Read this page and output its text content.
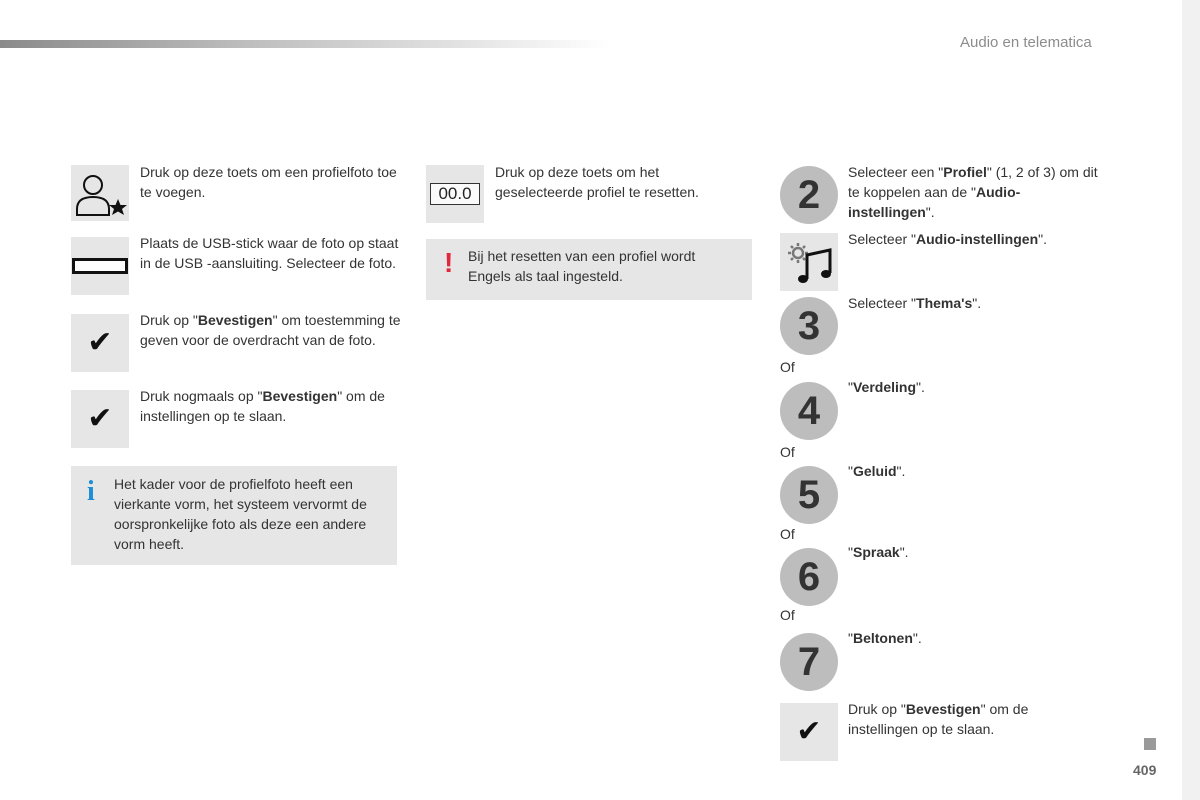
Audio en telematica
409
Druk op deze toets om een profielfoto toe te voegen.
Plaats de USB-stick waar de foto op staat in de USB -aansluiting. Selecteer de foto.
✔
Druk op "Bevestigen" om toestemming te geven voor de overdracht van de foto.
✔
Druk nogmaals op "Bevestigen" om de instellingen op te slaan.
i Het kader voor de profielfoto heeft een vierkante vorm, het systeem vervormt de oorspronkelijke foto als deze een andere vorm heeft.
00.0
Druk op deze toets om het geselecteerde profiel te resetten.
! Bij het resetten van een profiel wordt Engels als taal ingesteld.
2
Selecteer een "Profiel" (1, 2 of 3) om dit te koppelen aan de "Audio-instellingen".
Selecteer "Audio-instellingen".
3
Selecteer "Thema's".
Of
4
"Verdeling".
Of
5
"Geluid".
Of
6
"Spraak".
Of
7
"Beltonen".
✔
Druk op "Bevestigen" om de instellingen op te slaan.
